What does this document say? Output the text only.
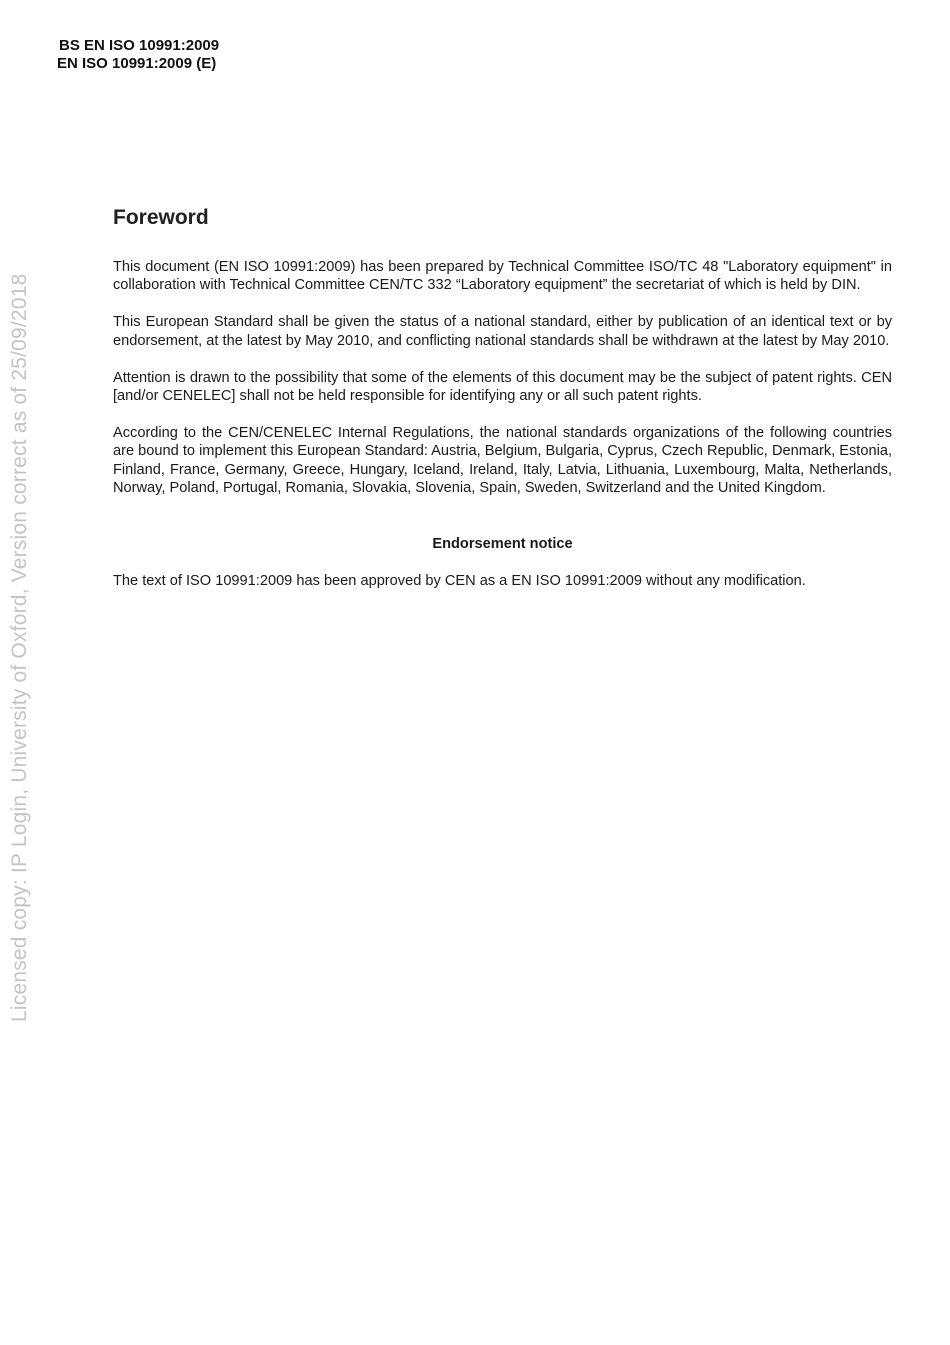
BS EN ISO 10991:2009
EN ISO 10991:2009 (E)
Licensed copy: IP Login, University of Oxford, Version correct as of 25/09/2018
Foreword

This document (EN ISO 10991:2009) has been prepared by Technical Committee ISO/TC 48 "Laboratory equipment" in collaboration with Technical Committee CEN/TC 332 “Laboratory equipment” the secretariat of which is held by DIN.

This European Standard shall be given the status of a national standard, either by publication of an identical text or by endorsement, at the latest by May 2010, and conflicting national standards shall be withdrawn at the latest by May 2010.

Attention is drawn to the possibility that some of the elements of this document may be the subject of patent rights. CEN [and/or CENELEC] shall not be held responsible for identifying any or all such patent rights.

According to the CEN/CENELEC Internal Regulations, the national standards organizations of the following countries are bound to implement this European Standard: Austria, Belgium, Bulgaria, Cyprus, Czech Republic, Denmark, Estonia, Finland, France, Germany, Greece, Hungary, Iceland, Ireland, Italy, Latvia, Lithuania, Luxembourg, Malta, Netherlands, Norway, Poland, Portugal, Romania, Slovakia, Slovenia, Spain, Sweden, Switzerland and the United Kingdom.

Endorsement notice

The text of ISO 10991:2009 has been approved by CEN as a EN ISO 10991:2009 without any modification.
